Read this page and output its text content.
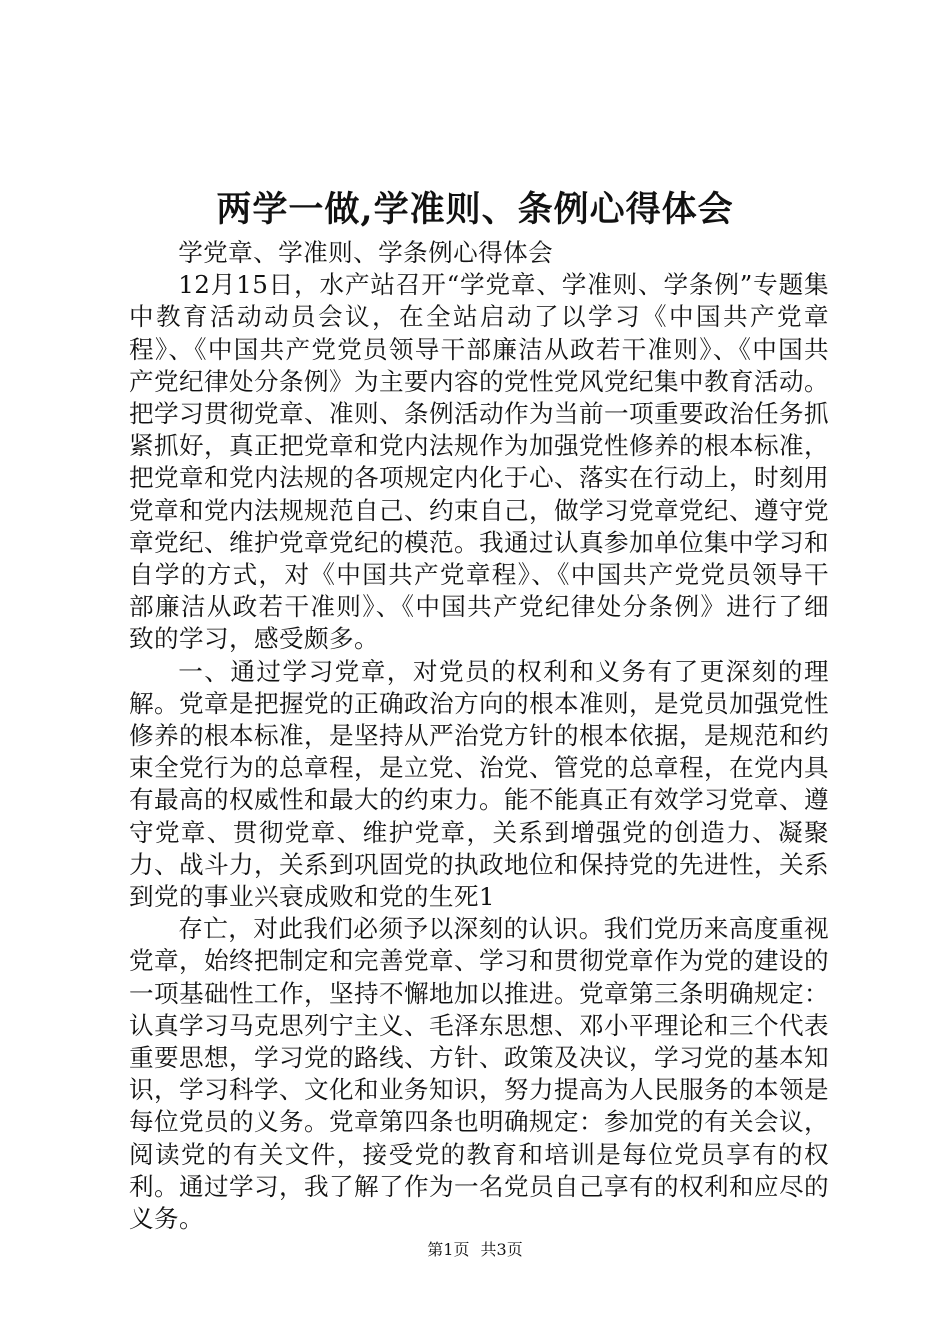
两学一做,学准则、条例心得体会

学党章、学准则、学条例心得体会

12月15日，水产站召开“学党章、学准则、学条例”专题集中教育活动动员会议，在全站启动了以学习《中国共产党章程》、《中国共产党党员领导干部廉洁从政若干准则》、《中国共产党纪律处分条例》为主要内容的党性党风党纪集中教育活动。把学习贯彻党章、准则、条例活动作为当前一项重要政治任务抓紧抓好，真正把党章和党内法规作为加强党性修养的根本标准，把党章和党内法规的各项规定内化于心、落实在行动上，时刻用党章和党内法规规范自己、约束自己，做学习党章党纪、遵守党章党纪、维护党章党纪的模范。我通过认真参加单位集中学习和自学的方式，对《中国共产党章程》、《中国共产党党员领导干部廉洁从政若干准则》、《中国共产党纪律处分条例》进行了细致的学习，感受颇多。

一、通过学习党章，对党员的权利和义务有了更深刻的理解。党章是把握党的正确政治方向的根本准则，是党员加强党性修养的根本标准，是坚持从严治党方针的根本依据，是规范和约束全党行为的总章程，是立党、治党、管党的总章程，在党内具有最高的权威性和最大的约束力。能不能真正有效学习党章、遵守党章、贯彻党章、维护党章，关系到增强党的创造力、凝聚力、战斗力，关系到巩固党的执政地位和保持党的先进性，关系到党的事业兴衰成败和党的生死1

存亡，对此我们必须予以深刻的认识。我们党历来高度重视党章，始终把制定和完善党章、学习和贯彻党章作为党的建设的一项基础性工作，坚持不懈地加以推进。党章第三条明确规定：认真学习马克思列宁主义、毛泽东思想、邓小平理论和三个代表重要思想，学习党的路线、方针、政策及决议，学习党的基本知识，学习科学、文化和业务知识，努力提高为人民服务的本领是每位党员的义务。党章第四条也明确规定：参加党的有关会议，阅读党的有关文件，接受党的教育和培训是每位党员享有的权利。通过学习，我了解了作为一名党员自己享有的权利和应尽的义务。

第1页 共3页
